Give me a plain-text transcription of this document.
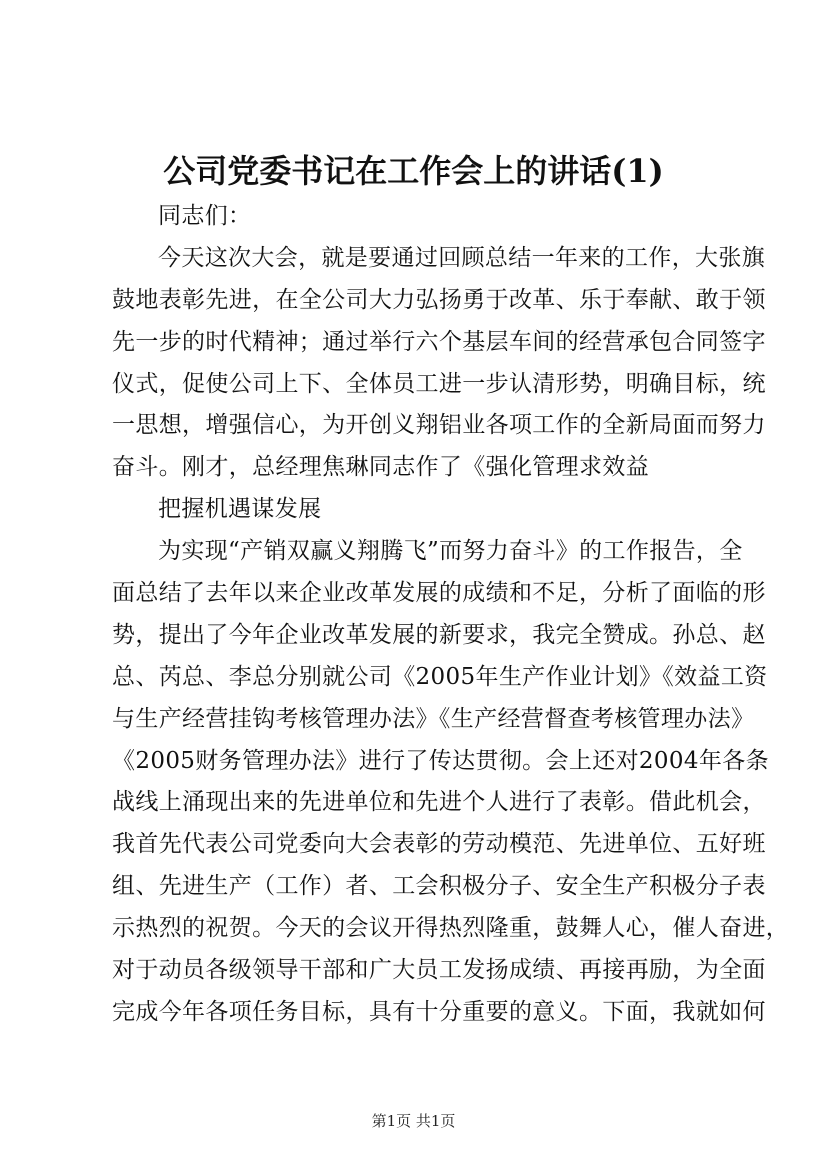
公司党委书记在工作会上的讲话(1)
同志们：
今天这次大会，就是要通过回顾总结一年来的工作，大张旗
鼓地表彰先进，在全公司大力弘扬勇于改革、乐于奉献、敢于领
先一步的时代精神；通过举行六个基层车间的经营承包合同签字
仪式，促使公司上下、全体员工进一步认清形势，明确目标，统
一思想，增强信心，为开创义翔铝业各项工作的全新局面而努力
奋斗。刚才，总经理焦琳同志作了《强化管理求效益
把握机遇谋发展
为实现“产销双赢义翔腾飞”而努力奋斗》的工作报告，全
面总结了去年以来企业改革发展的成绩和不足，分析了面临的形
势，提出了今年企业改革发展的新要求，我完全赞成。孙总、赵
总、芮总、李总分别就公司《2005年生产作业计划》《效益工资
与生产经营挂钩考核管理办法》《生产经营督查考核管理办法》
《2005财务管理办法》进行了传达贯彻。会上还对2004年各条
战线上涌现出来的先进单位和先进个人进行了表彰。借此机会，
我首先代表公司党委向大会表彰的劳动模范、先进单位、五好班
组、先进生产（工作）者、工会积极分子、安全生产积极分子表
示热烈的祝贺。今天的会议开得热烈隆重，鼓舞人心，催人奋进，
对于动员各级领导干部和广大员工发扬成绩、再接再励，为全面
完成今年各项任务目标，具有十分重要的意义。下面，我就如何
第1页 共1页
